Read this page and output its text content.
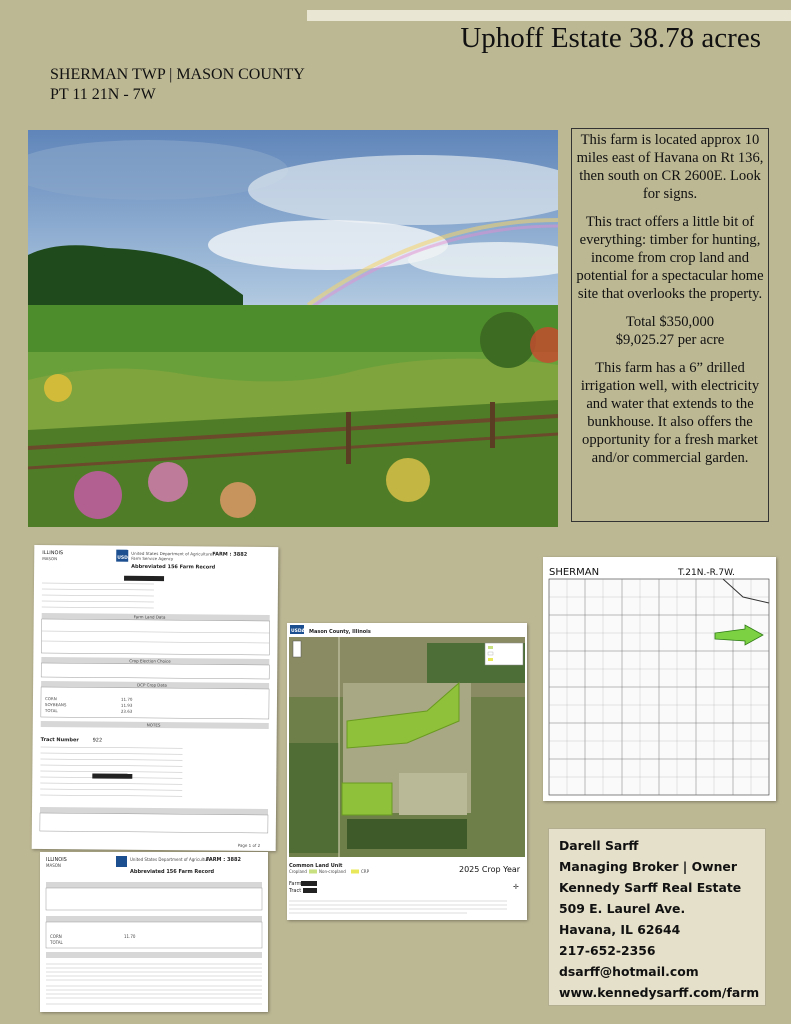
Uphoff Estate 38.78 acres
SHERMAN TWP | MASON COUNTY
PT 11 21N - 7W

This farm is located approx 10 miles east of Havana on Rt 136, then south on CR 2600E. Look for signs.

This tract offers a little bit of everything: timber for hunting, income from crop land and potential for a spectacular home site that overlooks the property.

Total $350,000
$9,025.27 per acre

This farm has a 6” drilled irrigation well, with electricity and water that extends to the bunkhouse. It also offers the opportunity for a fresh market and/or commercial garden.

ILLINOIS
MASON	USDA
United States Department of Agriculture
Farm Service Agency
Abbreviated 156 Farm Record
FARM : 3882
Farm Land Data
Crop Election Choice
DCP Crop Data
CORN	11.70
SOYBEANS	11.93
TOTAL	23.63
NOTES
Tract Number	922
Page 1 of 2
ILLINOIS
MASON
United States Department of Agriculture
Abbreviated 156 Farm Record
FARM : 3882
CORN	11.70
TOTAL
USDA Mason County, Illinois
Common Land Unit
Cropland	Non-cropland	CRP	2025 Crop Year
Farm
Tract	✛
SHERMAN	T.21N.-R.7W.
Darell Sarff
Managing Broker | Owner
Kennedy Sarff Real Estate
509 E. Laurel Ave.
Havana, IL 62644
217-652-2356
dsarff@hotmail.com
www.kennedysarff.com/farm
